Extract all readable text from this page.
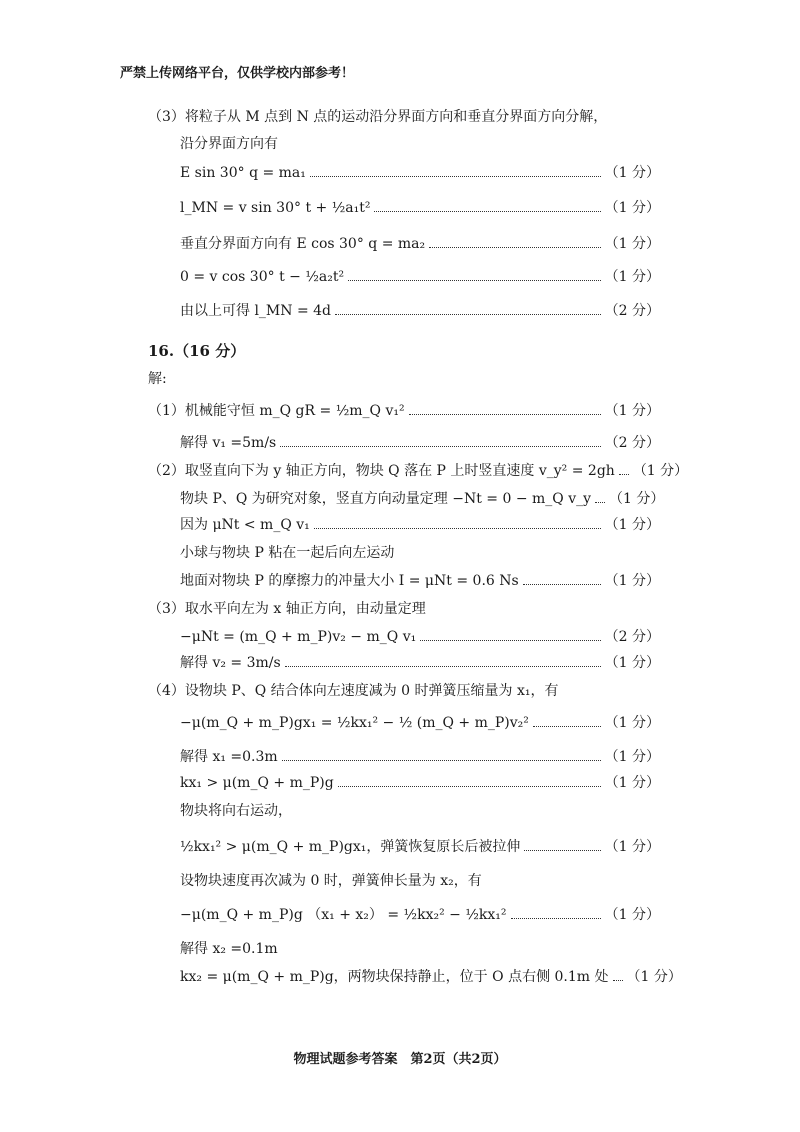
严禁上传网络平台，仅供学校内部参考！
（3）将粒子从 M 点到 N 点的运动沿分界面方向和垂直分界面方向分解，
沿分界面方向有
E sin 30° q = ma₁	（1 分）
l_MN = v sin 30° t + ½a₁t²	（1 分）
垂直分界面方向有 E cos 30° q = ma₂	（1 分）
0 = v cos 30° t − ½a₂t²	（1 分）
由以上可得 l_MN = 4d	（2 分）
16.（16 分）
解:
（1）机械能守恒 m_Q gR = ½m_Q v₁²	（1 分）
解得 v₁ =5m/s	（2 分）
（2）取竖直向下为 y 轴正方向，物块 Q 落在 P 上时竖直速度 v_y² = 2gh （1 分）
物块 P、Q 为研究对象，竖直方向动量定理 −Nt = 0 − m_Q v_y （1 分）
因为 μNt < m_Q v₁	（1 分）
小球与物块 P 粘在一起后向左运动
地面对物块 P 的摩擦力的冲量大小 I = μNt = 0.6 Ns	（1 分）
（3）取水平向左为 x 轴正方向，由动量定理
−μNt = (m_Q + m_P)v₂ − m_Q v₁	（2 分）
解得 v₂ = 3m/s	（1 分）
（4）设物块 P、Q 结合体向左速度减为 0 时弹簧压缩量为 x₁，有
−μ(m_Q + m_P)gx₁ = ½kx₁² − ½ (m_Q + m_P)v₂²	（1 分）
解得 x₁ =0.3m	（1 分）
kx₁ > μ(m_Q + m_P)g	（1 分）
物块将向右运动，
½kx₁² > μ(m_Q + m_P)gx₁，弹簧恢复原长后被拉伸	（1 分）
设物块速度再次减为 0 时，弹簧伸长量为 x₂，有
−μ(m_Q + m_P)g （x₁ + x₂） = ½kx₂² − ½kx₁²	（1 分）
解得 x₂ =0.1m
kx₂ = μ(m_Q + m_P)g，两物块保持静止，位于 O 点右侧 0.1m 处 （1 分）
物理试题参考答案　第2页（共2页）
